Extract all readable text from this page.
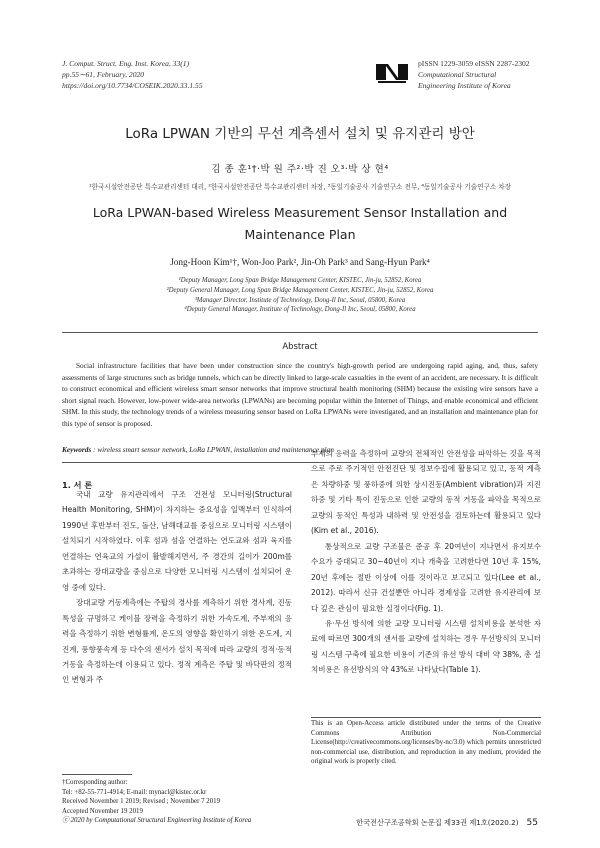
J. Comput. Struct. Eng. Inst. Korea, 33(1)
pp.55∼61, February, 2020
https://doi.org/10.7734/COSEIK.2020.33.1.55
pISSN 1229-3059 eISSN 2287-2302
Computational Structural
Engineering Institute of Korea
LoRa LPWAN 기반의 무선 계측센서 설치 및 유지관리 방안
김 종 훈¹†·박 원 주²·박 진 오³·박 상 현⁴
¹한국시설안전공단 특수교관리센터 대리, ²한국시설안전공단 특수교관리센터 차장, ³동일기술공사 기술연구소 전무, ⁴동일기술공사 기술연구소 차장
LoRa LPWAN-based Wireless Measurement Sensor Installation and
Maintenance Plan
Jong-Hoon Kim¹†, Won-Joo Park², Jin-Oh Park³ and Sang-Hyun Park⁴
¹Deputy Manager, Long Span Bridge Management Center, KISTEC, Jin-ju, 52852, Korea
²Deputy General Manager, Long Span Bridge Management Center, KISTEC, Jin-ju, 52852, Korea
³Manager Director, Institute of Technology, Dong-Il Inc, Seoul, 05800, Korea
⁴Deputy General Manager, Institute of Technology, Dong-Il Inc, Seoul, 05800, Korea
Abstract
Social infrastructure facilities that have been under construction since the country's high-growth period are undergoing rapid aging, and, thus, safety assessments of large structures such as bridge tunnels, which can be directly linked to large-scale casualties in the event of an accident, are necessary. It is difficult to construct economical and efficient wireless smart sensor networks that improve structural health monitoring (SHM) because the existing wire sensors have a short signal reach. However, low-power wide-area networks (LPWANs) are becoming popular within the Internet of Things, and enable economical and efficient SHM. In this study, the technology trends of a wireless measuring sensor based on LoRa LPWANs were investigated, and an installation and maintenance plan for this type of sensor is proposed.
Keywords : wireless smart sensor network, LoRa LPWAN, installation and maintenance plan
1. 서 론

국내 교량 유지관리에서 구조 건전성 모니터링(Structural Health Monitoring, SHM)이 차지하는 중요성을 일맥부터 인식하여 1990년 후반부터 진도, 돌산, 남해대교를 중심으로 모니터링 시스템이 설치되기 시작하였다. 이후 섬과 섬을 연결하는 연도교와 섬과 육지를 연결하는 연육교의 가설이 활발해지면서, 주 경간의 길이가 200m를 초과하는 장대교량을 중심으로 다양한 모니터링 시스템이 설치되어 운영 중에 있다.

장대교량 거동계측에는 주탑의 경사를 계측하기 위한 경사계, 진동 특성을 규명하고 케이블 장력을 측정하기 위한 가속도계, 주부재의 응력을 측정하기 위한 변형률계, 온도의 영향을 확인하기 위한 온도계, 지진계, 풍향풍속계 등 다수의 센서가 설치 목적에 따라 교량의 정적·동적거동을 측정하는데 이용되고 있다. 정적 계측은 주탑 및 바닥판의 정적인 변형과 주

부재의 응력을 측정하여 교량의 전체적인 안전성을 파악하는 것을 목적으로 주로 주기적인 안전진단 및 정보수집에 활용되고 있고, 동적 계측은 차량하중 및 풍하중에 의한 상시진동(Ambient vibration)과 지진하중 및 기타 특이 진동으로 인한 교량의 동적 거동을 파악을 목적으로 교량의 동적인 특성과 내하력 및 안전성을 검토하는데 활용되고 있다(Kim et al., 2016).

통상적으로 교량 구조물은 준공 후 20여년이 지나면서 유지보수 수요가 증대되고 30~40년이 지나 개축을 고려한다면 10년 후 15%, 20년 후에는 절반 이상에 이를 것이라고 보고되고 있다(Lee et al., 2012). 따라서 신규 건설뿐만 아니라 경제성을 고려한 유지관리에 보다 깊은 관심이 필요한 실정이다(Fig. 1).

유·무선 방식에 의한 교량 모니터링 시스템 설치비용을 분석한 자료에 따르면 300개의 센서를 교량에 설치하는 경우 무선방식의 모니터링 시스템 구축에 필요한 비용이 기존의 유선 방식 대비 약 38%, 총 설치비용은 유선방식의 약 43%로 나타났다(Table 1).

†Corresponding author:
Tel: +82-55-771-4914; E-mail: mynacl@kistec.or.kr
Received November 1 2019; Revised ; November 7 2019
Accepted November 19 2019
ⓒ 2020 by Computational Structural Engineering Institute of Korea
This is an Open-Access article distributed under the terms of the Creative Commons Attribution Non-Commercial License(http://creativecommons.org/licenses/by-nc/3.0) which permits unrestricted non-commercial use, distribution, and reproduction in any medium, provided the original work is properly cited.
한국전산구조공학회 논문집 제33권 제1호(2020.2) 55
